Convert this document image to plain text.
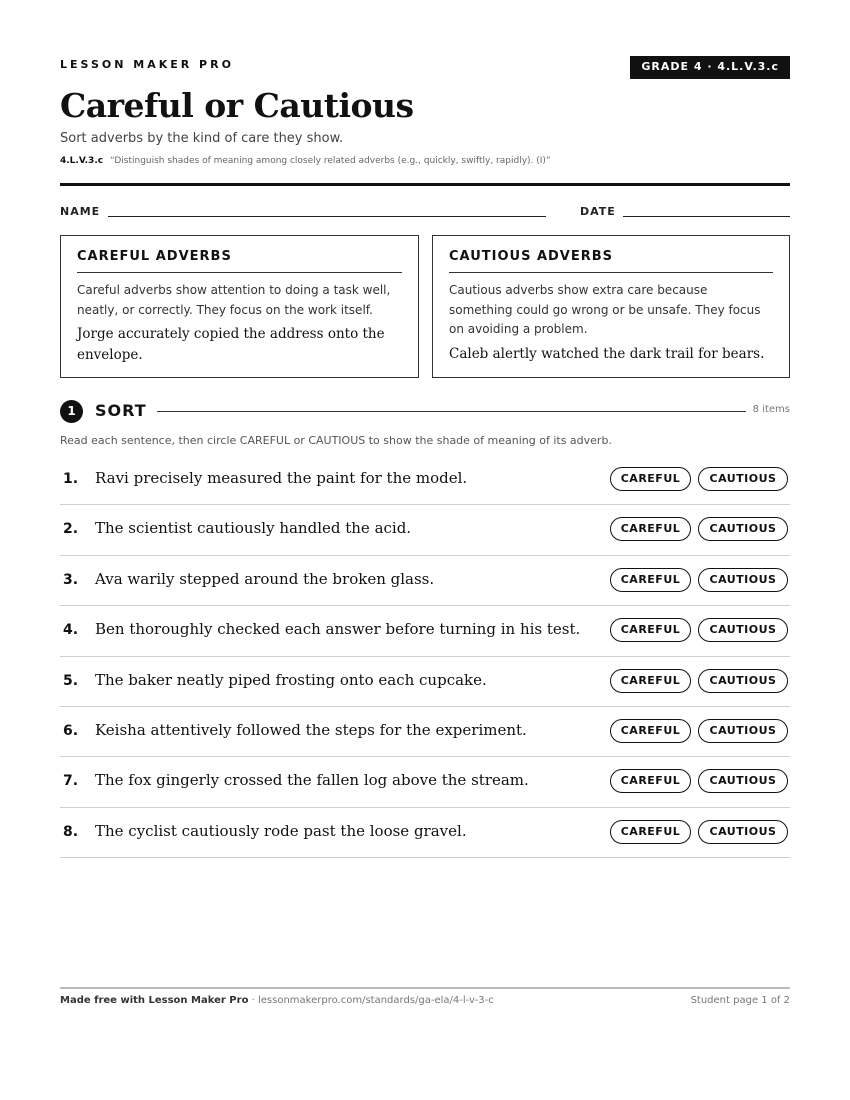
LESSON MAKER PRO	GRADE 4 · 4.L.V.3.c
Careful or Cautious
Sort adverbs by the kind of care they show.
4.L.V.3.c “Distinguish shades of meaning among closely related adverbs (e.g., quickly, swiftly, rapidly). (I)”
NAME	DATE
CAREFUL ADVERBS
Careful adverbs show attention to doing a task well, neatly, or correctly. They focus on the work itself.
Jorge accurately copied the address onto the envelope.
CAUTIOUS ADVERBS
Cautious adverbs show extra care because something could go wrong or be unsafe. They focus on avoiding a problem.
Caleb alertly watched the dark trail for bears.
1	SORT	8 items
Read each sentence, then circle CAREFUL or CAUTIOUS to show the shade of meaning of its adverb.
1. Ravi precisely measured the paint for the model.	CAREFUL	CAUTIOUS
2. The scientist cautiously handled the acid.	CAREFUL	CAUTIOUS
3. Ava warily stepped around the broken glass.	CAREFUL	CAUTIOUS
4. Ben thoroughly checked each answer before turning in his test.	CAREFUL	CAUTIOUS
5. The baker neatly piped frosting onto each cupcake.	CAREFUL	CAUTIOUS
6. Keisha attentively followed the steps for the experiment.	CAREFUL	CAUTIOUS
7. The fox gingerly crossed the fallen log above the stream.	CAREFUL	CAUTIOUS
8. The cyclist cautiously rode past the loose gravel.	CAREFUL	CAUTIOUS
Made free with Lesson Maker Pro · lessonmakerpro.com/standards/ga-ela/4-l-v-3-c	Student page 1 of 2
